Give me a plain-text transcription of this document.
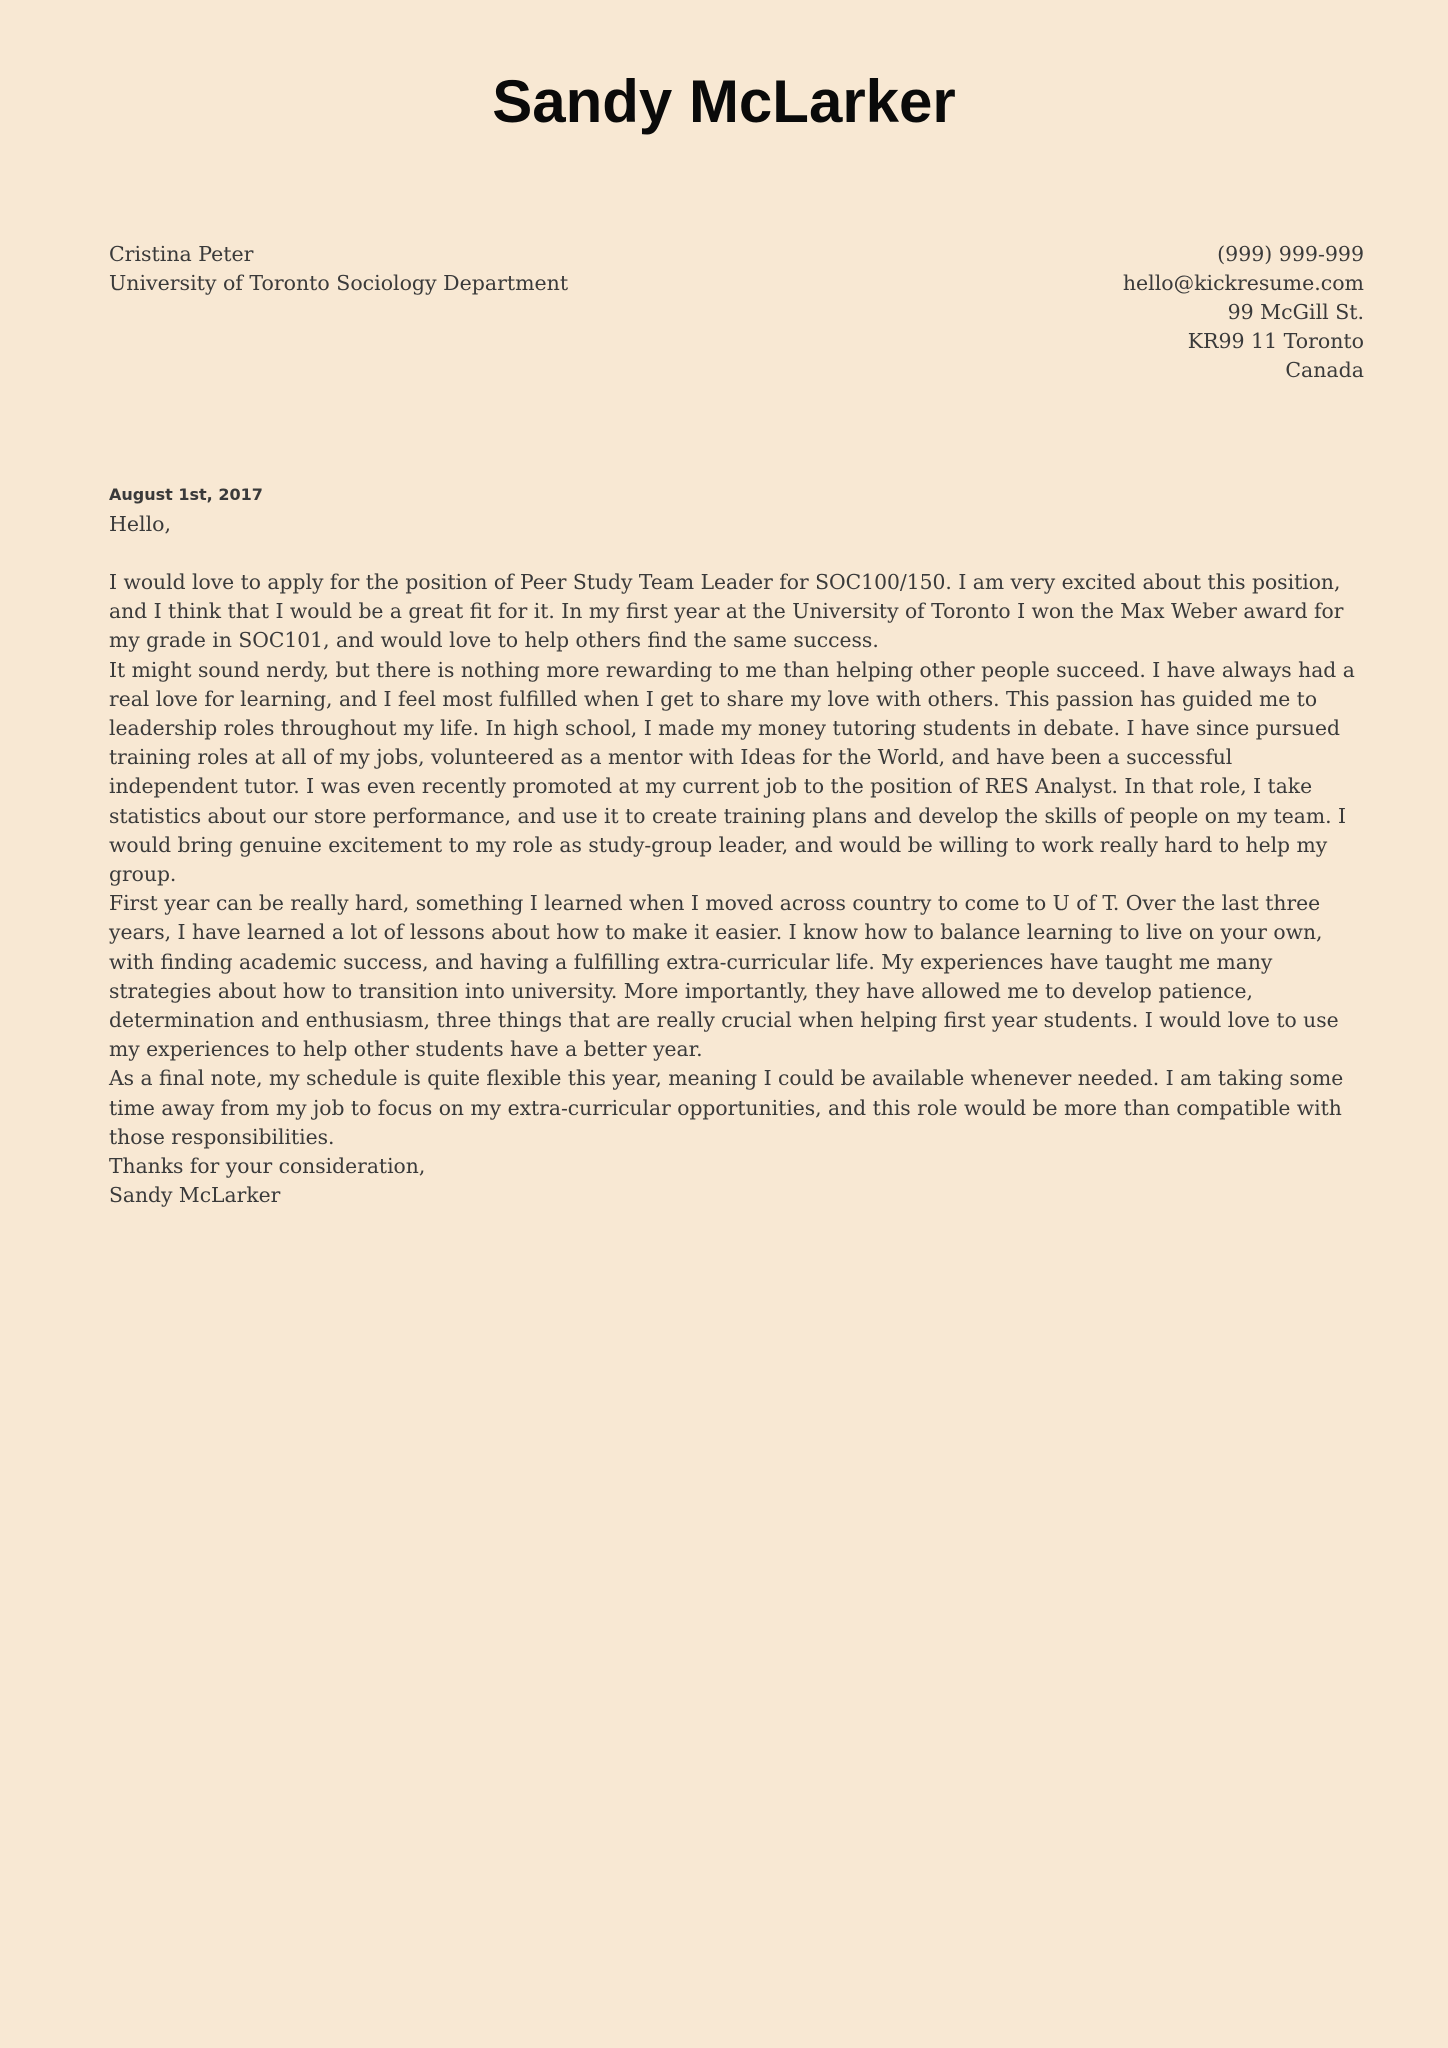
Sandy McLarker
Cristina Peter
University of Toronto Sociology Department
(999) 999-999
hello@kickresume.com
99 McGill St.
KR99 11 Toronto
Canada
August 1st, 2017
Hello,

I would love to apply for the position of Peer Study Team Leader for SOC100/150. I am very excited about this position, and I think that I would be a great fit for it. In my first year at the University of Toronto I won the Max Weber award for my grade in SOC101, and would love to help others find the same success.

It might sound nerdy, but there is nothing more rewarding to me than helping other people succeed. I have always had a real love for learning, and I feel most fulfilled when I get to share my love with others. This passion has guided me to leadership roles throughout my life. In high school, I made my money tutoring students in debate. I have since pursued training roles at all of my jobs, volunteered as a mentor with Ideas for the World, and have been a successful independent tutor. I was even recently promoted at my current job to the position of RES Analyst. In that role, I take statistics about our store performance, and use it to create training plans and develop the skills of people on my team. I would bring genuine excitement to my role as study-group leader, and would be willing to work really hard to help my group.

First year can be really hard, something I learned when I moved across country to come to U of T. Over the last three years, I have learned a lot of lessons about how to make it easier. I know how to balance learning to live on your own, with finding academic success, and having a fulfilling extra-curricular life. My experiences have taught me many strategies about how to transition into university. More importantly, they have allowed me to develop patience, determination and enthusiasm, three things that are really crucial when helping first year students. I would love to use my experiences to help other students have a better year.

As a final note, my schedule is quite flexible this year, meaning I could be available whenever needed. I am taking some time away from my job to focus on my extra-curricular opportunities, and this role would be more than compatible with those responsibilities.

Thanks for your consideration,

Sandy McLarker
